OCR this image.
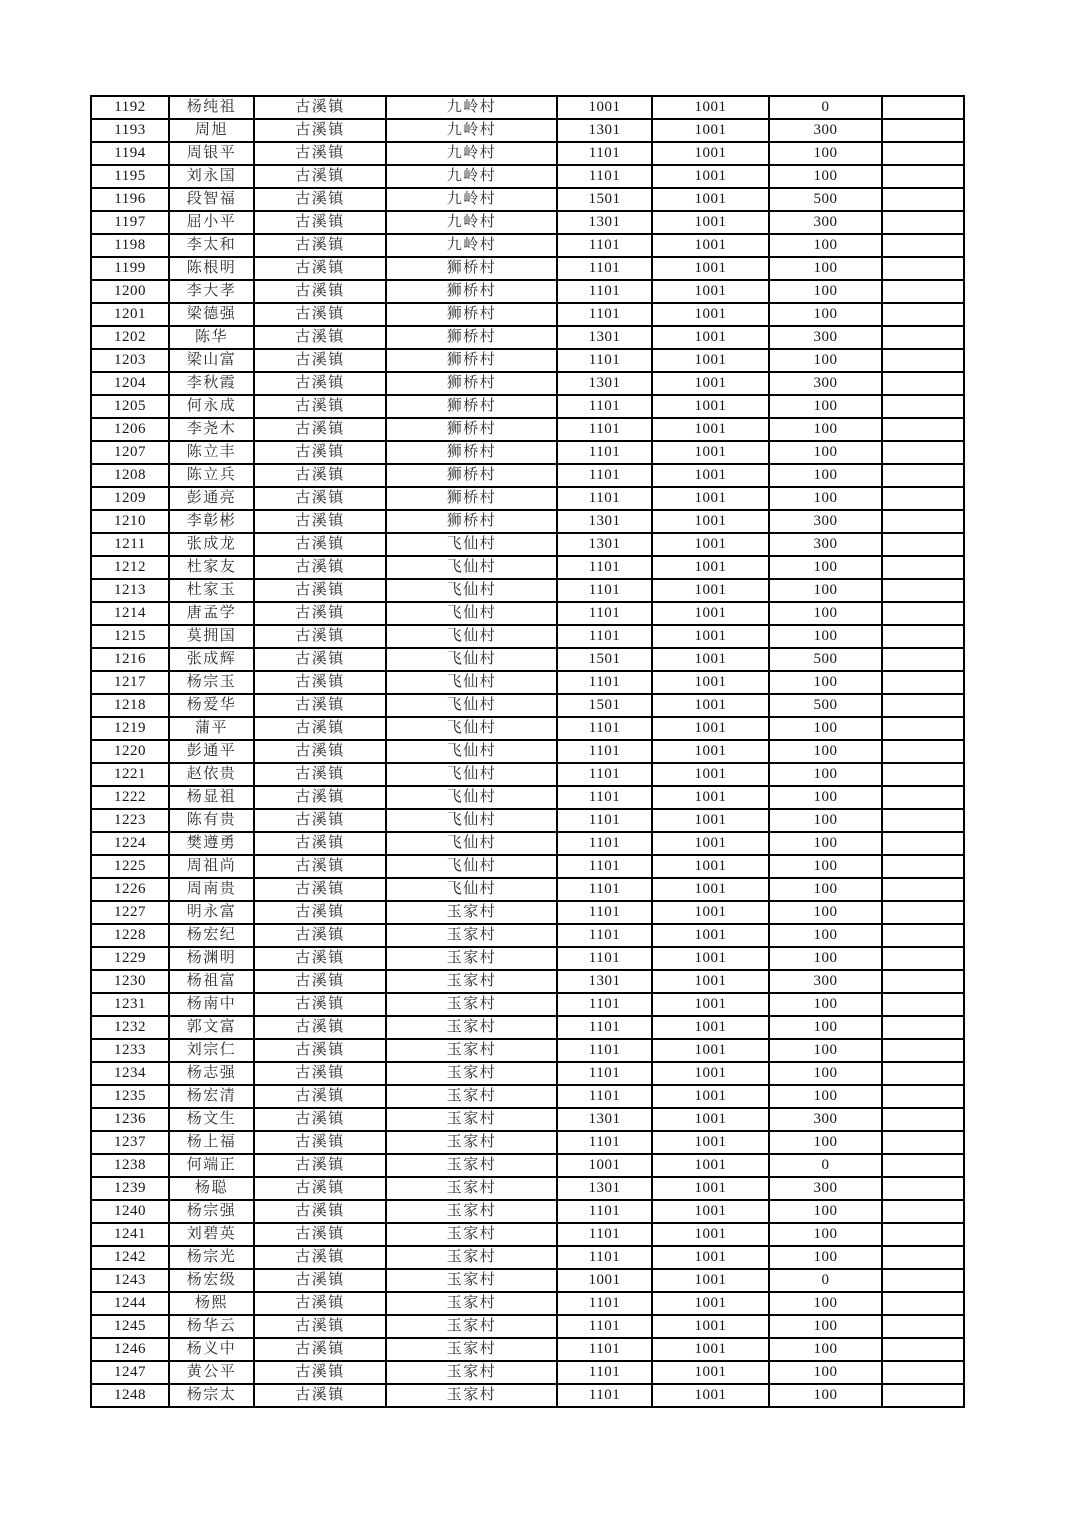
1192	杨纯祖	古溪镇	九岭村	1001	1001	0	
1193	周旭	古溪镇	九岭村	1301	1001	300	
1194	周银平	古溪镇	九岭村	1101	1001	100	
1195	刘永国	古溪镇	九岭村	1101	1001	100	
1196	段智福	古溪镇	九岭村	1501	1001	500	
1197	屈小平	古溪镇	九岭村	1301	1001	300	
1198	李太和	古溪镇	九岭村	1101	1001	100	
1199	陈根明	古溪镇	狮桥村	1101	1001	100	
1200	李大孝	古溪镇	狮桥村	1101	1001	100	
1201	梁德强	古溪镇	狮桥村	1101	1001	100	
1202	陈华	古溪镇	狮桥村	1301	1001	300	
1203	梁山富	古溪镇	狮桥村	1101	1001	100	
1204	李秋霞	古溪镇	狮桥村	1301	1001	300	
1205	何永成	古溪镇	狮桥村	1101	1001	100	
1206	李尧木	古溪镇	狮桥村	1101	1001	100	
1207	陈立丰	古溪镇	狮桥村	1101	1001	100	
1208	陈立兵	古溪镇	狮桥村	1101	1001	100	
1209	彭通亮	古溪镇	狮桥村	1101	1001	100	
1210	李彰彬	古溪镇	狮桥村	1301	1001	300	
1211	张成龙	古溪镇	飞仙村	1301	1001	300	
1212	杜家友	古溪镇	飞仙村	1101	1001	100	
1213	杜家玉	古溪镇	飞仙村	1101	1001	100	
1214	唐孟学	古溪镇	飞仙村	1101	1001	100	
1215	莫拥国	古溪镇	飞仙村	1101	1001	100	
1216	张成辉	古溪镇	飞仙村	1501	1001	500	
1217	杨宗玉	古溪镇	飞仙村	1101	1001	100	
1218	杨爱华	古溪镇	飞仙村	1501	1001	500	
1219	蒲平	古溪镇	飞仙村	1101	1001	100	
1220	彭通平	古溪镇	飞仙村	1101	1001	100	
1221	赵依贵	古溪镇	飞仙村	1101	1001	100	
1222	杨显祖	古溪镇	飞仙村	1101	1001	100	
1223	陈有贵	古溪镇	飞仙村	1101	1001	100	
1224	樊遵勇	古溪镇	飞仙村	1101	1001	100	
1225	周祖尚	古溪镇	飞仙村	1101	1001	100	
1226	周南贵	古溪镇	飞仙村	1101	1001	100	
1227	明永富	古溪镇	玉家村	1101	1001	100	
1228	杨宏纪	古溪镇	玉家村	1101	1001	100	
1229	杨渊明	古溪镇	玉家村	1101	1001	100	
1230	杨祖富	古溪镇	玉家村	1301	1001	300	
1231	杨南中	古溪镇	玉家村	1101	1001	100	
1232	郭文富	古溪镇	玉家村	1101	1001	100	
1233	刘宗仁	古溪镇	玉家村	1101	1001	100	
1234	杨志强	古溪镇	玉家村	1101	1001	100	
1235	杨宏清	古溪镇	玉家村	1101	1001	100	
1236	杨文生	古溪镇	玉家村	1301	1001	300	
1237	杨上福	古溪镇	玉家村	1101	1001	100	
1238	何端正	古溪镇	玉家村	1001	1001	0	
1239	杨聪	古溪镇	玉家村	1301	1001	300	
1240	杨宗强	古溪镇	玉家村	1101	1001	100	
1241	刘碧英	古溪镇	玉家村	1101	1001	100	
1242	杨宗光	古溪镇	玉家村	1101	1001	100	
1243	杨宏级	古溪镇	玉家村	1001	1001	0	
1244	杨熙	古溪镇	玉家村	1101	1001	100	
1245	杨华云	古溪镇	玉家村	1101	1001	100	
1246	杨义中	古溪镇	玉家村	1101	1001	100	
1247	黄公平	古溪镇	玉家村	1101	1001	100	
1248	杨宗太	古溪镇	玉家村	1101	1001	100	
